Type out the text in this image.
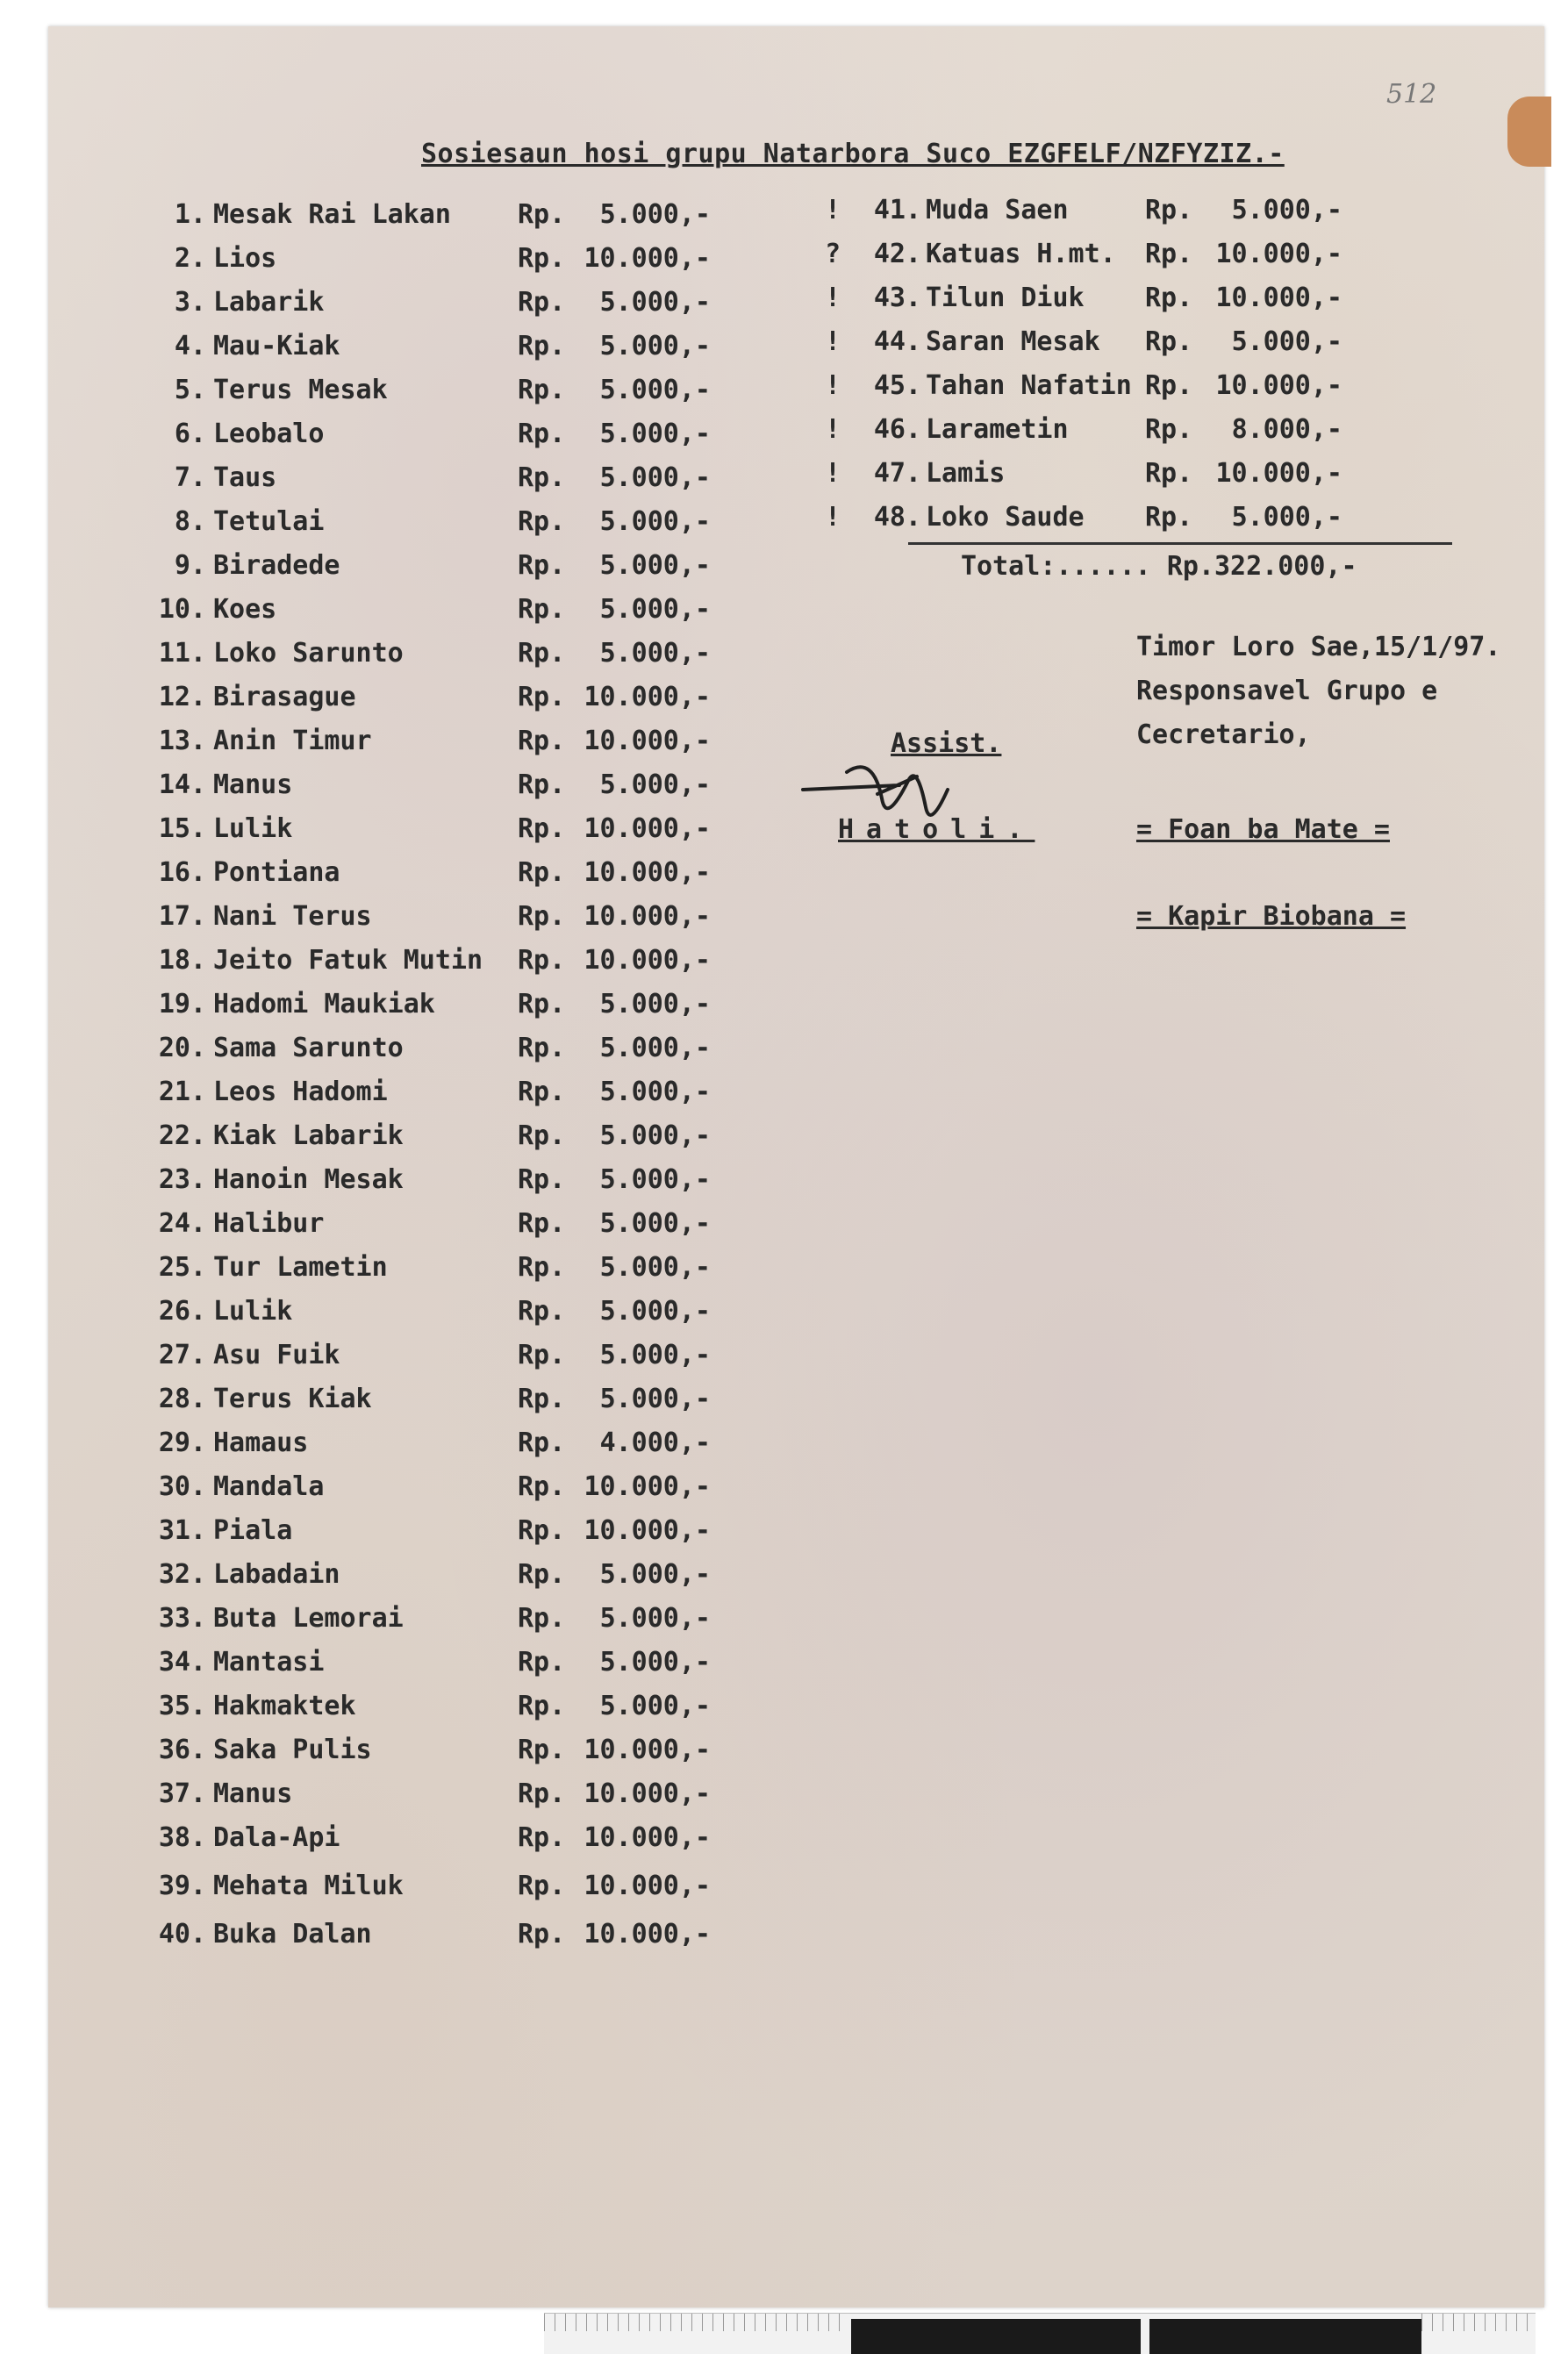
512
Sosiesaun hosi grupu Natarbora Suco EZGFELF/NZFYZIZ.-
1. Mesak Rai Lakan	Rp.	5.000,-
2. Lios	Rp. 10.000,-
3. Labarik	Rp.	5.000,-
4. Mau-Kiak	Rp.	5.000,-
5. Terus Mesak	Rp.	5.000,-
6. Leobalo	Rp.	5.000,-
7. Taus	Rp.	5.000,-
8. Tetulai	Rp.	5.000,-
9. Biradede	Rp.	5.000,-
10. Koes	Rp.	5.000,-
11. Loko Sarunto	Rp.	5.000,-
12. Birasague	Rp. 10.000,-
13. Anin Timur	Rp. 10.000,-
14. Manus	Rp.	5.000,-
15. Lulik	Rp. 10.000,-
16. Pontiana	Rp. 10.000,-
17. Nani Terus	Rp. 10.000,-
18. Jeito Fatuk Mutin Rp. 10.000,-
19. Hadomi Maukiak	Rp.	5.000,-
20. Sama Sarunto	Rp.	5.000,-
21. Leos Hadomi	Rp.	5.000,-
22. Kiak Labarik	Rp.	5.000,-
23. Hanoin Mesak	Rp.	5.000,-
24. Halibur	Rp.	5.000,-
25. Tur Lametin	Rp.	5.000,-
26. Lulik	Rp.	5.000,-
27. Asu Fuik	Rp.	5.000,-
28. Terus Kiak	Rp.	5.000,-
29. Hamaus	Rp.	4.000,-
30. Mandala	Rp. 10.000,-
31. Piala	Rp. 10.000,-
32. Labadain	Rp.	5.000,-
33. Buta Lemorai	Rp.	5.000,-
34. Mantasi	Rp.	5.000,-
35. Hakmaktek	Rp.	5.000,-
36. Saka Pulis	Rp. 10.000,-
37. Manus	Rp. 10.000,-
38. Dala-Api	Rp. 10.000,-
39. Mehata Miluk	Rp. 10.000,-
40. Buka Dalan	Rp. 10.000,-
!	41. Muda Saen	Rp.	5.000,-
?	42. Katuas H.mt. Rp. 10.000,-
!	43. Tilun Diuk Rp. 10.000,-
!	44. Saran Mesak Rp.	5.000,-
!	45. Tahan Nafatin Rp. 10.000,-
!	46. Larametin	Rp.	8.000,-
!	47. Lamis	Rp. 10.000,-
!	48. Loko Saude Rp.	5.000,-
Total:...... Rp.322.000,-
Timor Loro Sae,15/1/97.
Responsavel Grupo e
Cecretario,
Assist.
Hatoli.	= Foan ba Mate =
= Kapir Biobana =
